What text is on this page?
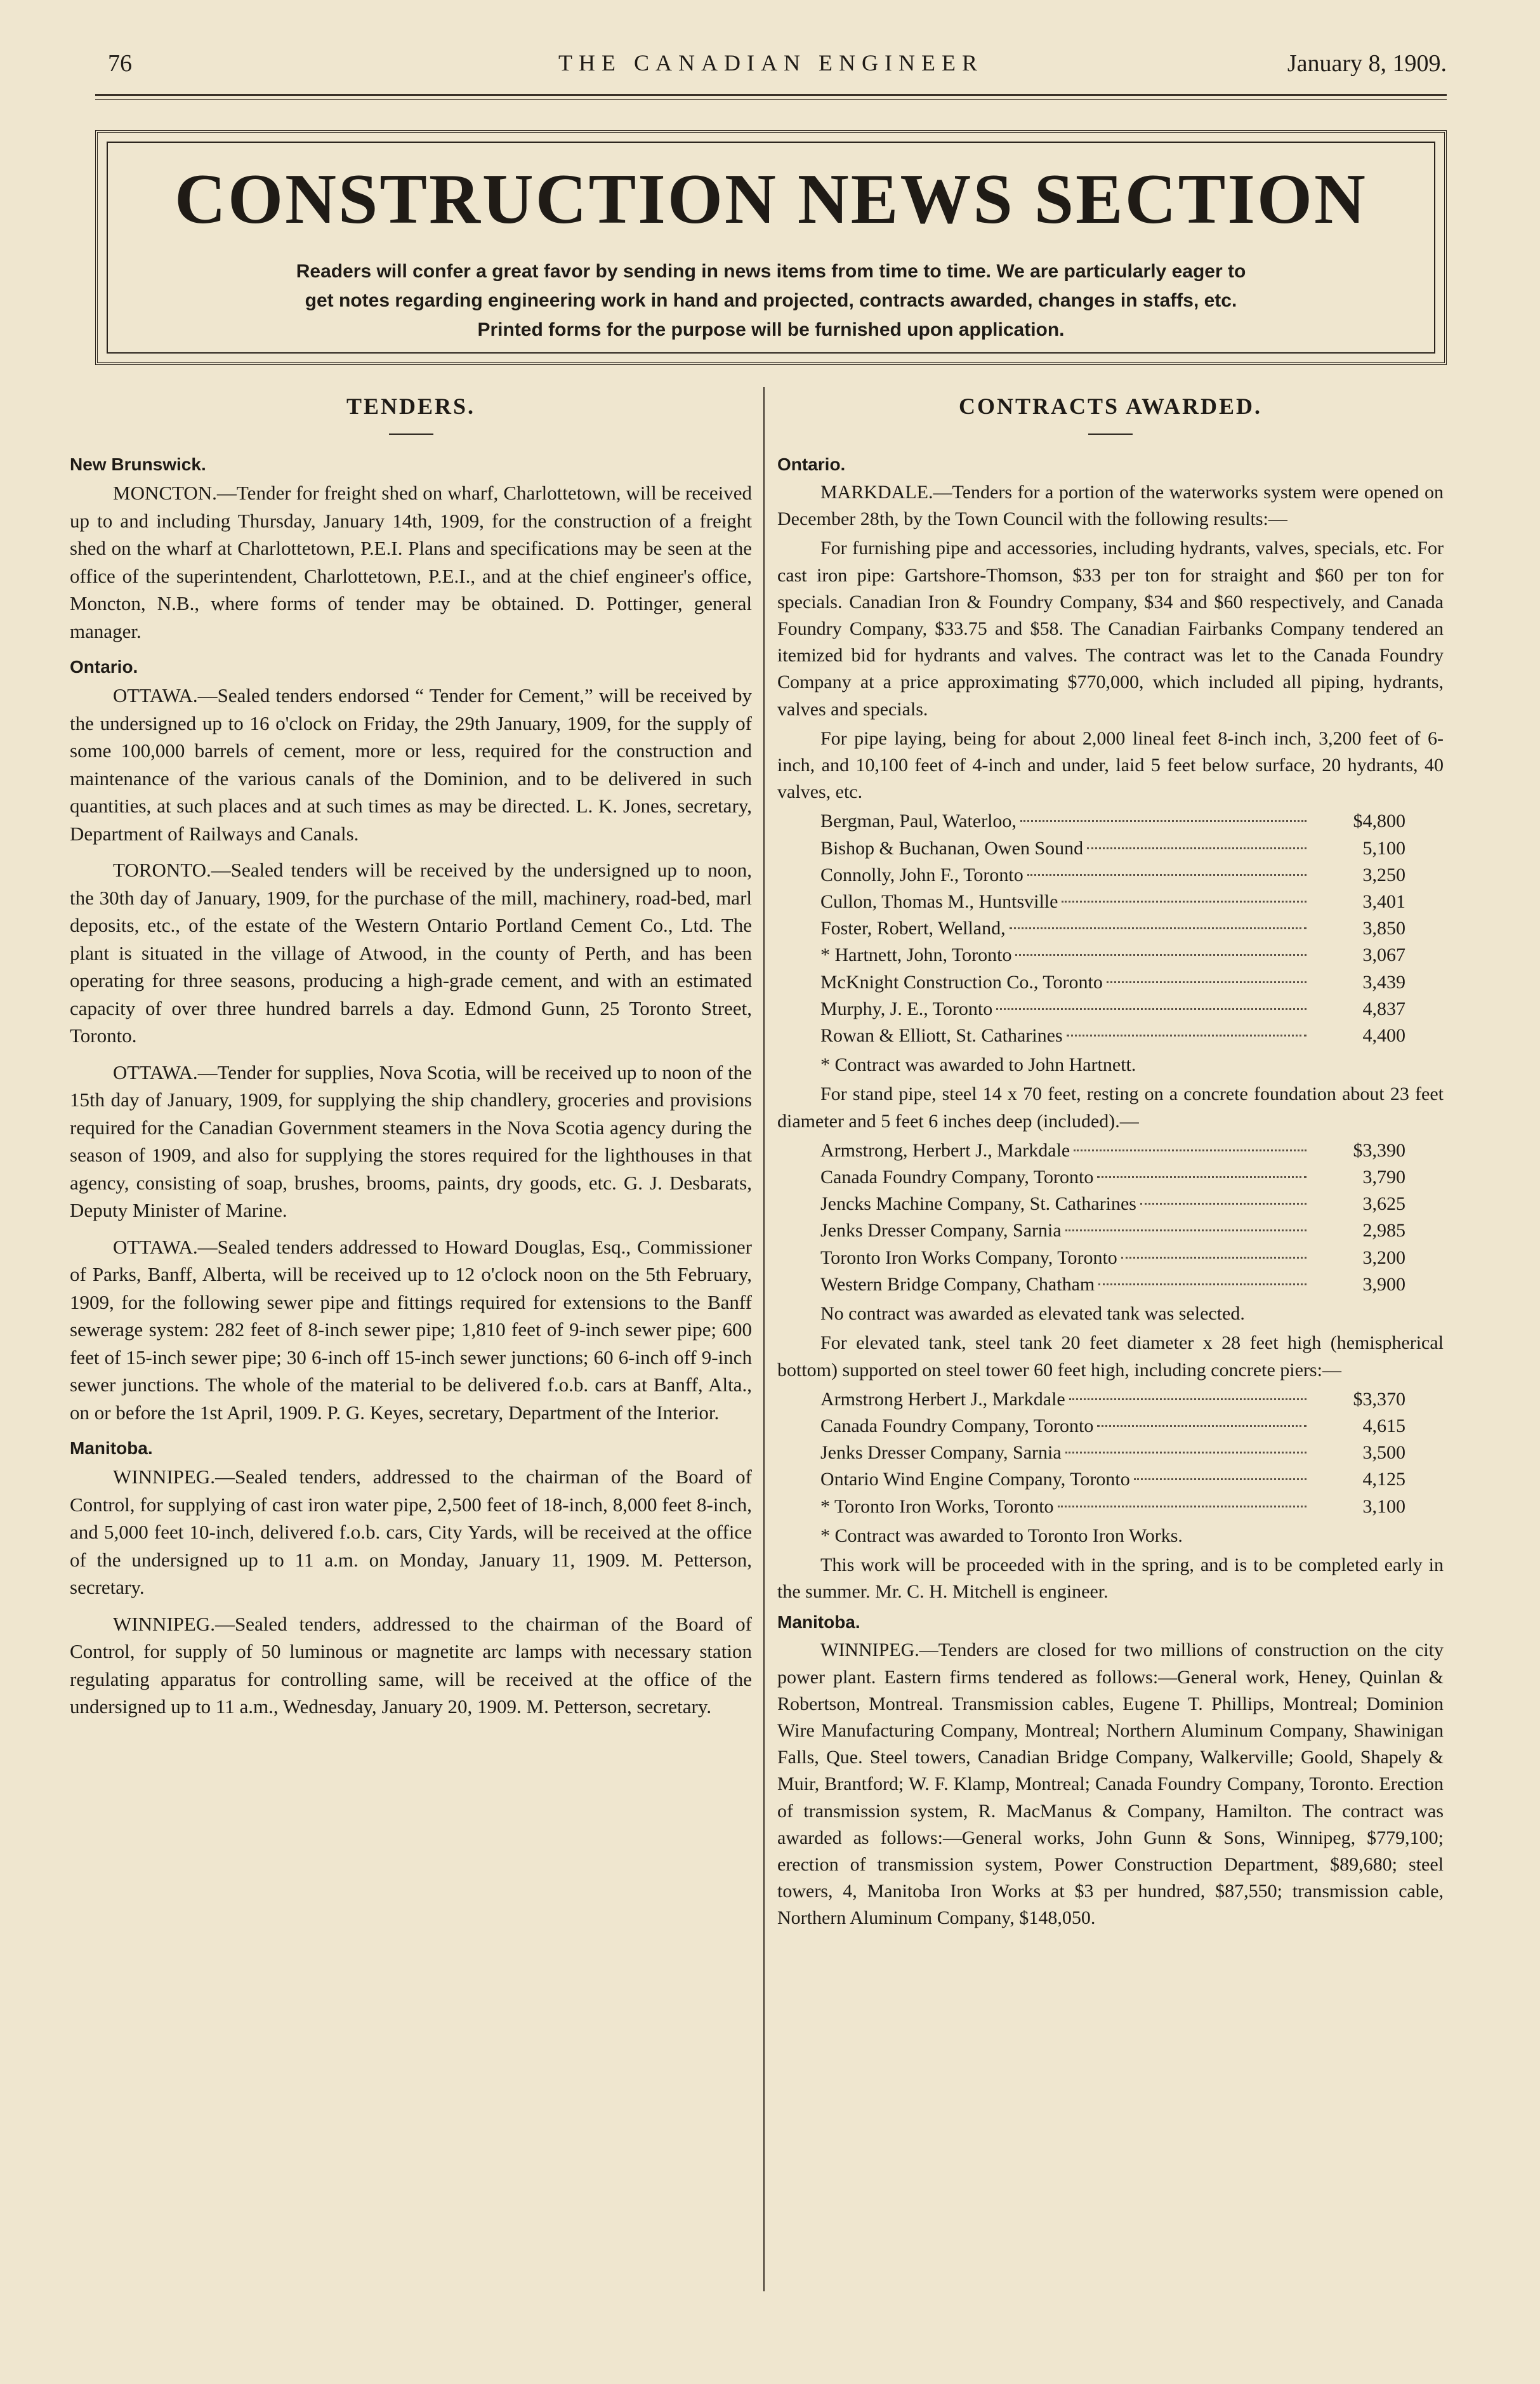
76	THE CANADIAN ENGINEER	January 8, 1909.
CONSTRUCTION NEWS SECTION
Readers will confer a great favor by sending in news items from time to time. We are particularly eager to
get notes regarding engineering work in hand and projected, contracts awarded, changes in staffs, etc.
Printed forms for the purpose will be furnished upon application.
TENDERS.
New Brunswick.

MONCTON.—Tender for freight shed on wharf, Charlottetown, will be received up to and including Thursday, January 14th, 1909, for the construction of a freight shed on the wharf at Charlottetown, P.E.I. Plans and specifications may be seen at the office of the superintendent, Charlottetown, P.E.I., and at the chief engineer's office, Moncton, N.B., where forms of tender may be obtained. D. Pottinger, general manager.

Ontario.

OTTAWA.—Sealed tenders endorsed “ Tender for Cement,” will be received by the undersigned up to 16 o'clock on Friday, the 29th January, 1909, for the supply of some 100,000 barrels of cement, more or less, required for the construction and maintenance of the various canals of the Dominion, and to be delivered in such quantities, at such places and at such times as may be directed. L. K. Jones, secretary, Department of Railways and Canals.

TORONTO.—Sealed tenders will be received by the undersigned up to noon, the 30th day of January, 1909, for the purchase of the mill, machinery, road-bed, marl deposits, etc., of the estate of the Western Ontario Portland Cement Co., Ltd. The plant is situated in the village of Atwood, in the county of Perth, and has been operating for three seasons, producing a high-grade cement, and with an estimated capacity of over three hundred barrels a day. Edmond Gunn, 25 Toronto Street, Toronto.

OTTAWA.—Tender for supplies, Nova Scotia, will be received up to noon of the 15th day of January, 1909, for supplying the ship chandlery, groceries and provisions required for the Canadian Government steamers in the Nova Scotia agency during the season of 1909, and also for supplying the stores required for the lighthouses in that agency, consisting of soap, brushes, brooms, paints, dry goods, etc. G. J. Desbarats, Deputy Minister of Marine.

OTTAWA.—Sealed tenders addressed to Howard Douglas, Esq., Commissioner of Parks, Banff, Alberta, will be received up to 12 o'clock noon on the 5th February, 1909, for the following sewer pipe and fittings required for extensions to the Banff sewerage system: 282 feet of 8-inch sewer pipe; 1,810 feet of 9-inch sewer pipe; 600 feet of 15-inch sewer pipe; 30 6-inch off 15-inch sewer junctions; 60 6-inch off 9-inch sewer junctions. The whole of the material to be delivered f.o.b. cars at Banff, Alta., on or before the 1st April, 1909. P. G. Keyes, secretary, Department of the Interior.

Manitoba.

WINNIPEG.—Sealed tenders, addressed to the chairman of the Board of Control, for supplying of cast iron water pipe, 2,500 feet of 18-inch, 8,000 feet 8-inch, and 5,000 feet 10-inch, delivered f.o.b. cars, City Yards, will be received at the office of the undersigned up to 11 a.m. on Monday, January 11, 1909. M. Petterson, secretary.

WINNIPEG.—Sealed tenders, addressed to the chairman of the Board of Control, for supply of 50 luminous or magnetite arc lamps with necessary station regulating apparatus for controlling same, will be received at the office of the undersigned up to 11 a.m., Wednesday, January 20, 1909. M. Petterson, secretary.

CONTRACTS AWARDED.
Ontario.

MARKDALE.—Tenders for a portion of the waterworks system were opened on December 28th, by the Town Council with the following results:—

For furnishing pipe and accessories, including hydrants, valves, specials, etc. For cast iron pipe: Gartshore-Thomson, $33 per ton for straight and $60 per ton for specials. Canadian Iron & Foundry Company, $34 and $60 respectively, and Canada Foundry Company, $33.75 and $58. The Canadian Fairbanks Company tendered an itemized bid for hydrants and valves. The contract was let to the Canada Foundry Company at a price approximating $770,000, which included all piping, hydrants, valves and specials.

For pipe laying, being for about 2,000 lineal feet 8-inch inch, 3,200 feet of 6-inch, and 10,100 feet of 4-inch and under, laid 5 feet below surface, 20 hydrants, 40 valves, etc.

Bergman, Paul, Waterloo,	$4,800
Bishop & Buchanan, Owen Sound	5,100
Connolly, John F., Toronto	3,250
Cullon, Thomas M., Huntsville	3,401
Foster, Robert, Welland,	3,850
* Hartnett, John, Toronto	3,067
McKnight Construction Co., Toronto	3,439
Murphy, J. E., Toronto	4,837
Rowan & Elliott, St. Catharines	4,400

* Contract was awarded to John Hartnett.

For stand pipe, steel 14 x 70 feet, resting on a concrete foundation about 23 feet diameter and 5 feet 6 inches deep (included).—

Armstrong, Herbert J., Markdale	$3,390
Canada Foundry Company, Toronto	3,790
Jencks Machine Company, St. Catharines	3,625
Jenks Dresser Company, Sarnia	2,985
Toronto Iron Works Company, Toronto	3,200
Western Bridge Company, Chatham	3,900

No contract was awarded as elevated tank was selected.

For elevated tank, steel tank 20 feet diameter x 28 feet high (hemispherical bottom) supported on steel tower 60 feet high, including concrete piers:—

Armstrong Herbert J., Markdale	$3,370
Canada Foundry Company, Toronto	4,615
Jenks Dresser Company, Sarnia	3,500
Ontario Wind Engine Company, Toronto	4,125
* Toronto Iron Works, Toronto	3,100

* Contract was awarded to Toronto Iron Works.

This work will be proceeded with in the spring, and is to be completed early in the summer. Mr. C. H. Mitchell is engineer.

Manitoba.

WINNIPEG.—Tenders are closed for two millions of construction on the city power plant. Eastern firms tendered as follows:—General work, Heney, Quinlan & Robertson, Montreal. Transmission cables, Eugene T. Phillips, Montreal; Dominion Wire Manufacturing Company, Montreal; Northern Aluminum Company, Shawinigan Falls, Que. Steel towers, Canadian Bridge Company, Walkerville; Goold, Shapely & Muir, Brantford; W. F. Klamp, Montreal; Canada Foundry Company, Toronto. Erection of transmission system, R. MacManus & Company, Hamilton. The contract was awarded as follows:—General works, John Gunn & Sons, Winnipeg, $779,100; erection of transmission system, Power Construction Department, $89,680; steel towers, 4, Manitoba Iron Works at $3 per hundred, $87,550; transmission cable, Northern Aluminum Company, $148,050.
